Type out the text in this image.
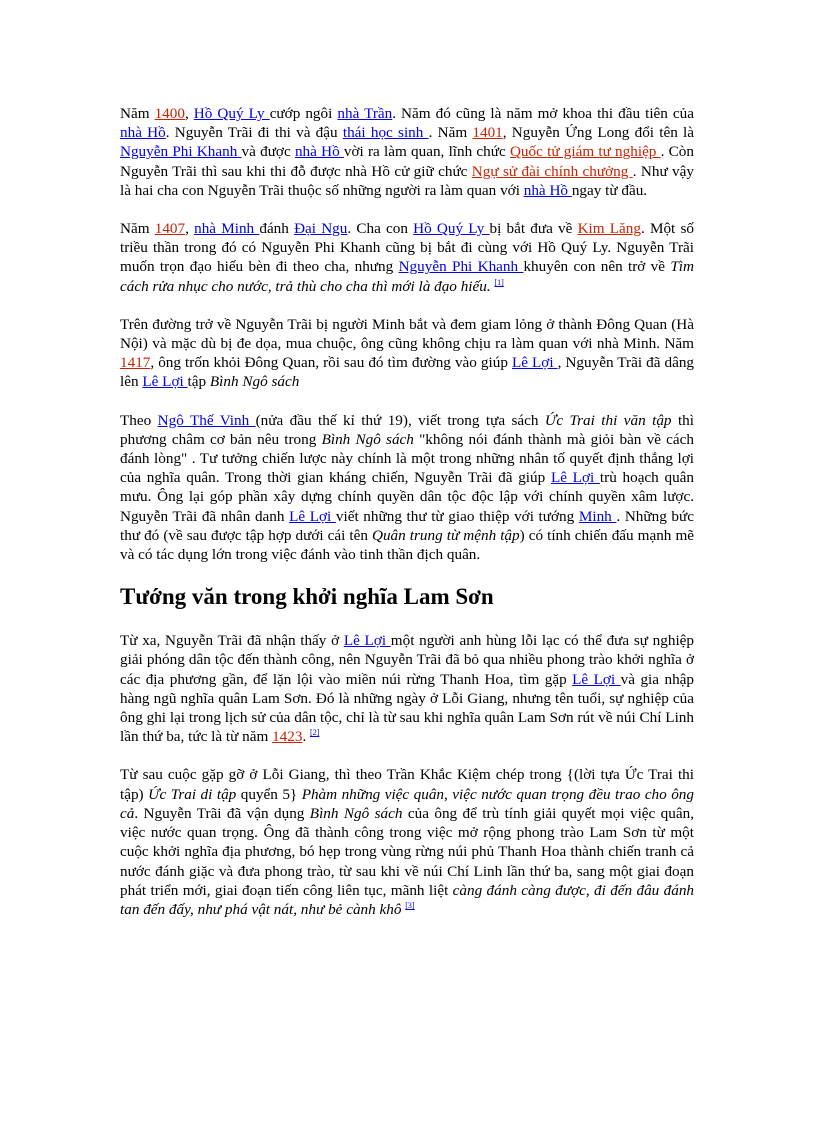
Năm 1400, Hồ Quý Ly cướp ngôi nhà Trần. Năm đó cũng là năm mở khoa thi đầu tiên của nhà Hồ. Nguyễn Trãi đi thi và đậu thái học sinh . Năm 1401, Nguyễn Ứng Long đổi tên là Nguyễn Phi Khanh và được nhà Hồ vời ra làm quan, lĩnh chức Quốc tử giám tư nghiệp . Còn Nguyễn Trãi thì sau khi thi đỗ được nhà Hồ cử giữ chức Ngự sử đài chính chưởng . Như vậy là hai cha con Nguyễn Trãi thuộc số những người ra làm quan với nhà Hồ ngay từ đầu.

Năm 1407, nhà Minh đánh Đại Ngu. Cha con Hồ Quý Ly bị bắt đưa về Kim Lăng. Một số triều thần trong đó có Nguyễn Phi Khanh cũng bị bắt đi cùng với Hồ Quý Ly. Nguyễn Trãi muốn trọn đạo hiếu bèn đi theo cha, nhưng Nguyễn Phi Khanh khuyên con nên trở về Tìm cách rửa nhục cho nước, trả thù cho cha thì mới là đạo hiếu. [1]

Trên đường trở về Nguyễn Trãi bị người Minh bắt và đem giam lỏng ở thành Đông Quan (Hà Nội) và mặc dù bị đe dọa, mua chuộc, ông cũng không chịu ra làm quan với nhà Minh. Năm 1417, ông trốn khỏi Đông Quan, rồi sau đó tìm đường vào giúp Lê Lợi , Nguyễn Trãi đã dâng lên Lê Lợi tập Bình Ngô sách

Theo Ngô Thế Vinh (nửa đầu thế kỉ thứ 19), viết trong tựa sách Ức Trai thi văn tập thì phương châm cơ bản nêu trong Bình Ngô sách "không nói đánh thành mà giỏi bàn về cách đánh lòng" . Tư tưởng chiến lược này chính là một trong những nhân tố quyết định thắng lợi của nghĩa quân. Trong thời gian kháng chiến, Nguyễn Trãi đã giúp Lê Lợi trù hoạch quân mưu. Ông lại góp phần xây dựng chính quyền dân tộc độc lập với chính quyền xâm lược. Nguyễn Trãi đã nhân danh Lê Lợi viết những thư từ giao thiệp với tướng Minh . Những bức thư đó (về sau được tập hợp dưới cái tên Quân trung từ mệnh tập) có tính chiến đấu mạnh mẽ và có tác dụng lớn trong việc đánh vào tinh thần địch quân.

Tướng văn trong khởi nghĩa Lam Sơn

Từ xa, Nguyễn Trãi đã nhận thấy ở Lê Lợi một người anh hùng lỗi lạc có thể đưa sự nghiệp giải phóng dân tộc đến thành công, nên Nguyễn Trãi đã bỏ qua nhiều phong trào khởi nghĩa ở các địa phương gần, để lặn lội vào miền núi rừng Thanh Hoa, tìm gặp Lê Lợi và gia nhập hàng ngũ nghĩa quân Lam Sơn. Đó là những ngày ở Lỗi Giang, nhưng tên tuổi, sự nghiệp của ông ghi lại trong lịch sử của dân tộc, chỉ là từ sau khi nghĩa quân Lam Sơn rút về núi Chí Linh lần thứ ba, tức là từ năm 1423. [2]

Từ sau cuộc gặp gỡ ở Lỗi Giang, thì theo Trần Khắc Kiệm chép trong {(lời tựa Ức Trai thi tập) Ức Trai di tập quyển 5} Phàm những việc quân, việc nước quan trọng đều trao cho ông cả. Nguyễn Trãi đã vận dụng Bình Ngô sách của ông để trù tính giải quyết mọi việc quân, việc nước quan trọng. Ông đã thành công trong việc mở rộng phong trào Lam Sơn từ một cuộc khởi nghĩa địa phương, bó hẹp trong vùng rừng núi phủ Thanh Hoa thành chiến tranh cả nước đánh giặc và đưa phong trào, từ sau khi về núi Chí Linh lần thứ ba, sang một giai đoạn phát triển mới, giai đoạn tiến công liên tục, mãnh liệt càng đánh càng được, đi đến đâu đánh tan đến đấy, như phá vật nát, như bẻ cành khô [3]
